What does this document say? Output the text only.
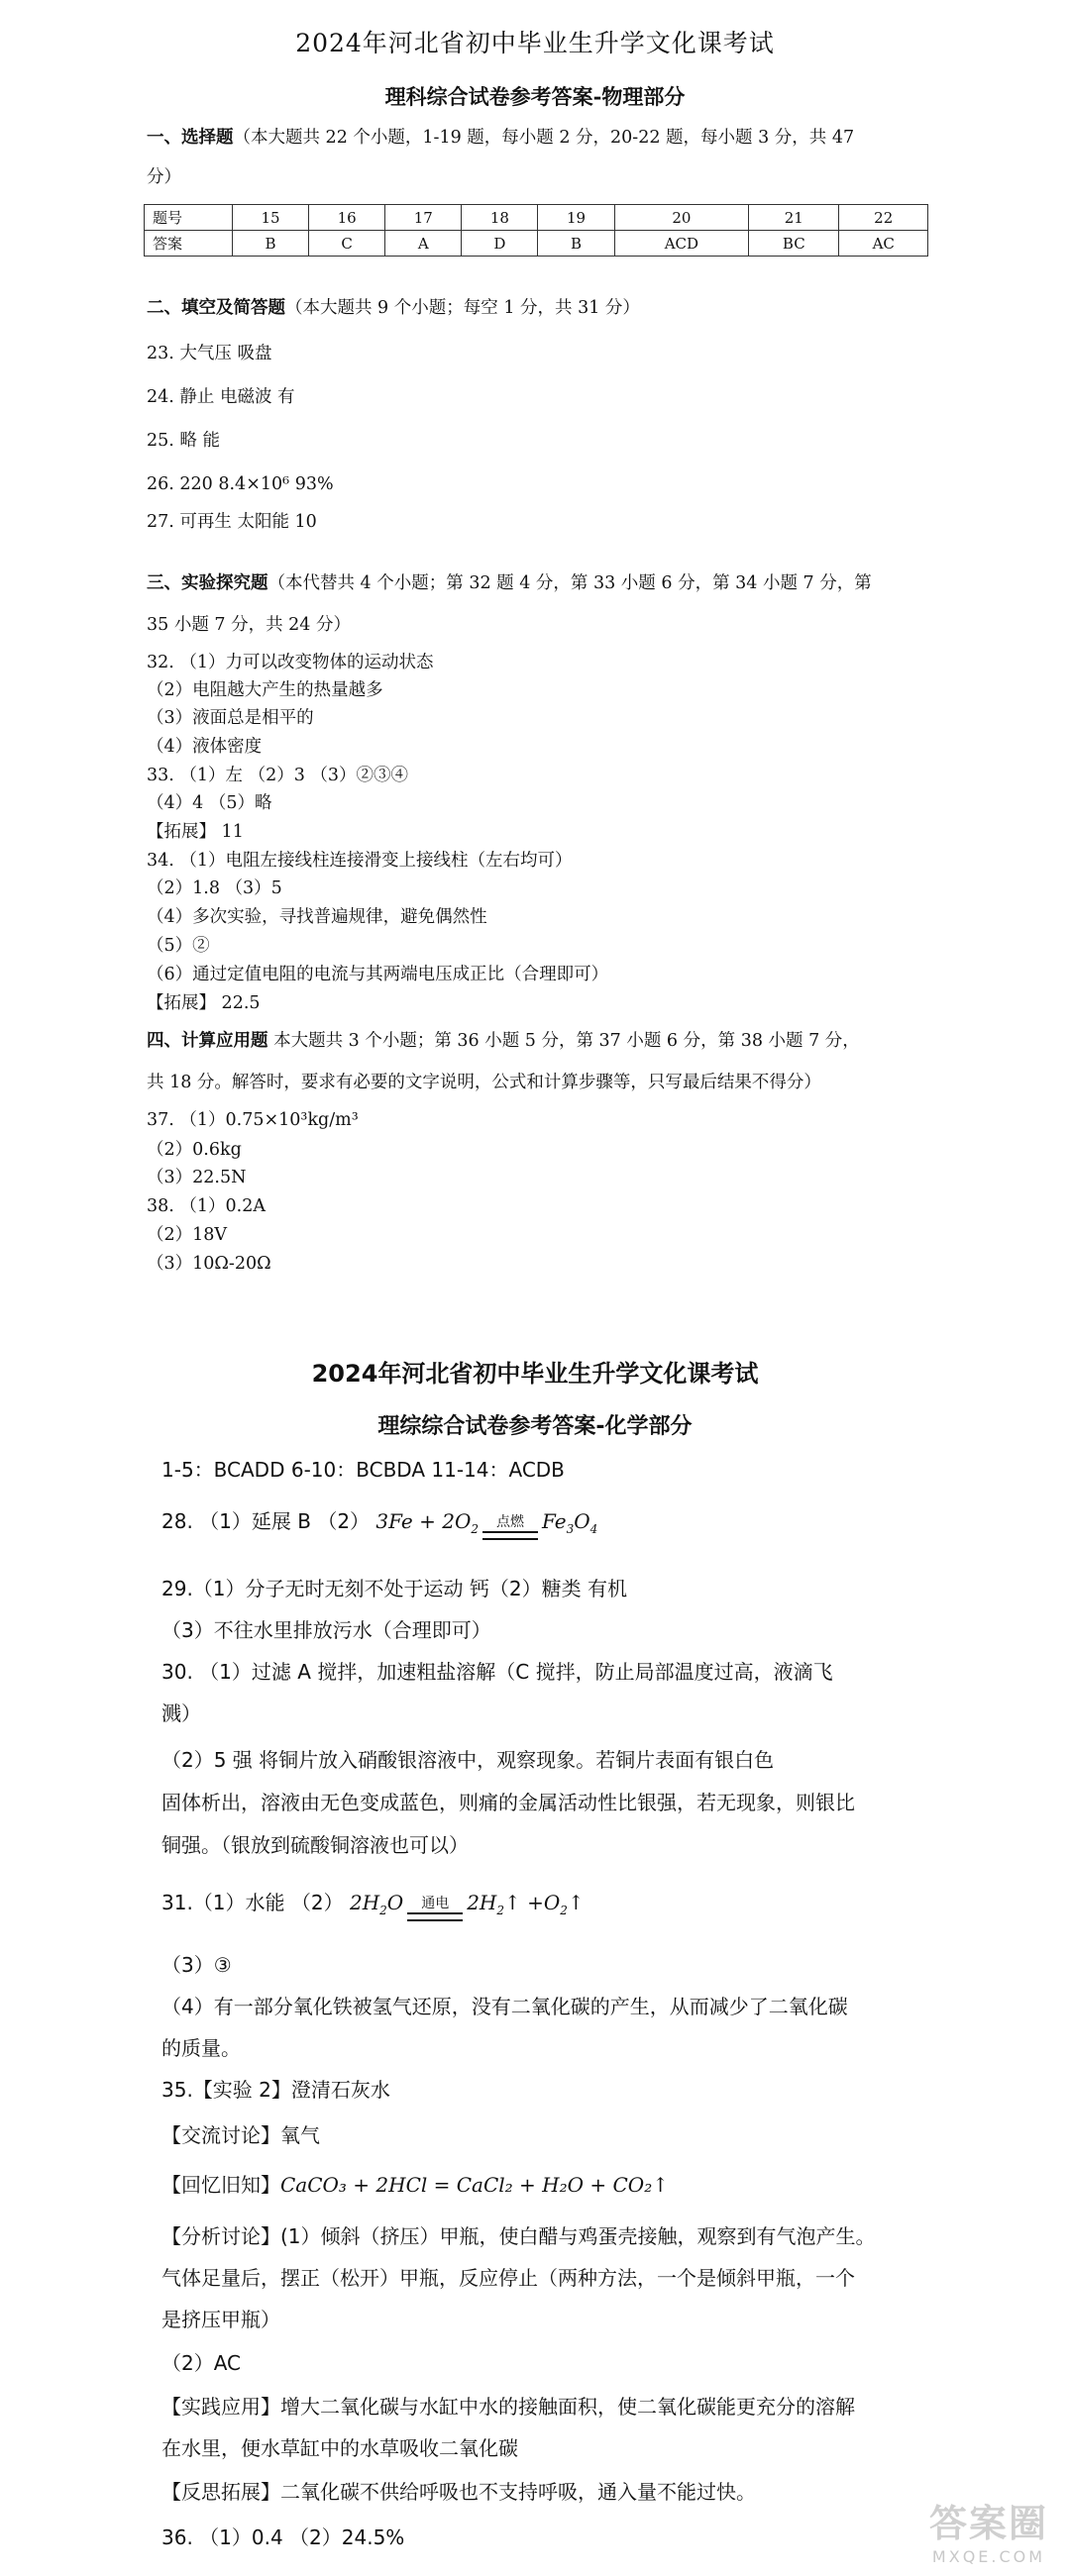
2024年河北省初中毕业生升学文化课考试
理科综合试卷参考答案-物理部分
一、选择题（本大题共 22 个小题，1-19 题，每小题 2 分，20-22 题，每小题 3 分，共 47
分）
题号	15	16	17	18	19	20	21	22
答案	B	C	A	D	B	ACD	BC	AC
二、填空及简答题（本大题共 9 个小题；每空 1 分，共 31 分）
23. 大气压 吸盘
24. 静止 电磁波 有
25. 略 能
26. 220 8.4×10⁶ 93%
27. 可再生 太阳能 10
三、实验探究题（本代替共 4 个小题；第 32 题 4 分，第 33 小题 6 分，第 34 小题 7 分，第
35 小题 7 分，共 24 分）
32. （1）力可以改变物体的运动状态
（2）电阻越大产生的热量越多
（3）液面总是相平的
（4）液体密度
33. （1）左 （2）3 （3）②③④
（4）4 （5）略
【拓展】 11
34. （1）电阻左接线柱连接滑变上接线柱（左右均可）
（2）1.8 （3）5
（4）多次实验，寻找普遍规律，避免偶然性
（5）②
（6）通过定值电阻的电流与其两端电压成正比（合理即可）
【拓展】 22.5
四、计算应用题 本大题共 3 个小题；第 36 小题 5 分，第 37 小题 6 分，第 38 小题 7 分，
共 18 分。解答时，要求有必要的文字说明，公式和计算步骤等，只写最后结果不得分）
37. （1）0.75×10³kg/m³
（2）0.6kg
（3）22.5N
38. （1）0.2A
（2）18V
（3）10Ω-20Ω
2024年河北省初中毕业生升学文化课考试
理综综合试卷参考答案-化学部分
1-5：BCADD 6-10：BCBDA 11-14：ACDB
28. （1）延展 B （2） $3Fe + 2O_2$	点燃 $Fe_3O_4$
29.（1）分子无时无刻不处于运动 钙（2）糖类 有机
（3）不往水里排放污水（合理即可）
30. （1）过滤 A 搅拌，加速粗盐溶解（C 搅拌，防止局部温度过高，液滴飞
溅）
（2）5 强 将铜片放入硝酸银溶液中，观察现象。若铜片表面有银白色
固体析出，溶液由无色变成蓝色，则痛的金属活动性比银强，若无现象，则银比
铜强。（银放到硫酸铜溶液也可以）
31.（1）水能 （2） $2H_2O$	通电 $2H_2↑$ $+O_2↑$
（3）③
（4）有一部分氧化铁被氢气还原，没有二氧化碳的产生，从而减少了二氧化碳
的质量。
35.【实验 2】澄清石灰水
【交流讨论】氧气
【回忆旧知】CaCO₃ + 2HCl = CaCl₂ + H₂O + CO₂↑
【分析讨论】(1）倾斜（挤压）甲瓶，使白醋与鸡蛋壳接触，观察到有气泡产生。
气体足量后，摆正（松开）甲瓶，反应停止（两种方法，一个是倾斜甲瓶，一个
是挤压甲瓶）
（2）AC
【实践应用】增大二氧化碳与水缸中水的接触面积，使二氧化碳能更充分的溶解
在水里，便水草缸中的水草吸收二氧化碳
【反思拓展】二氧化碳不供给呼吸也不支持呼吸，通入量不能过快。
36. （1）0.4 （2）24.5%	答案圈
MXQE.COM
